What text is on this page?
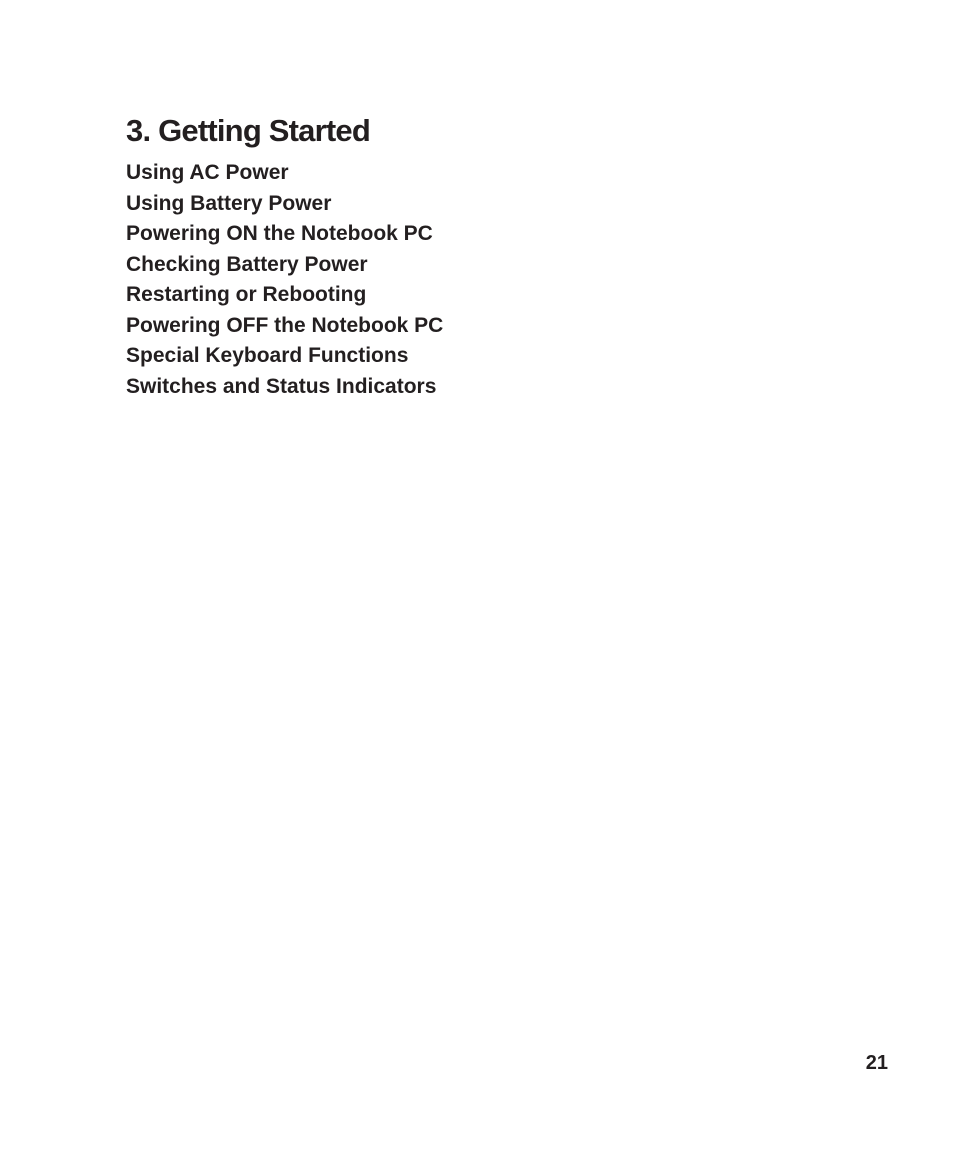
3. Getting Started
Using AC Power
Using Battery Power
Powering ON the Notebook PC
Checking Battery Power
Restarting or Rebooting
Powering OFF the Notebook PC
Special Keyboard Functions
Switches and Status Indicators
21
